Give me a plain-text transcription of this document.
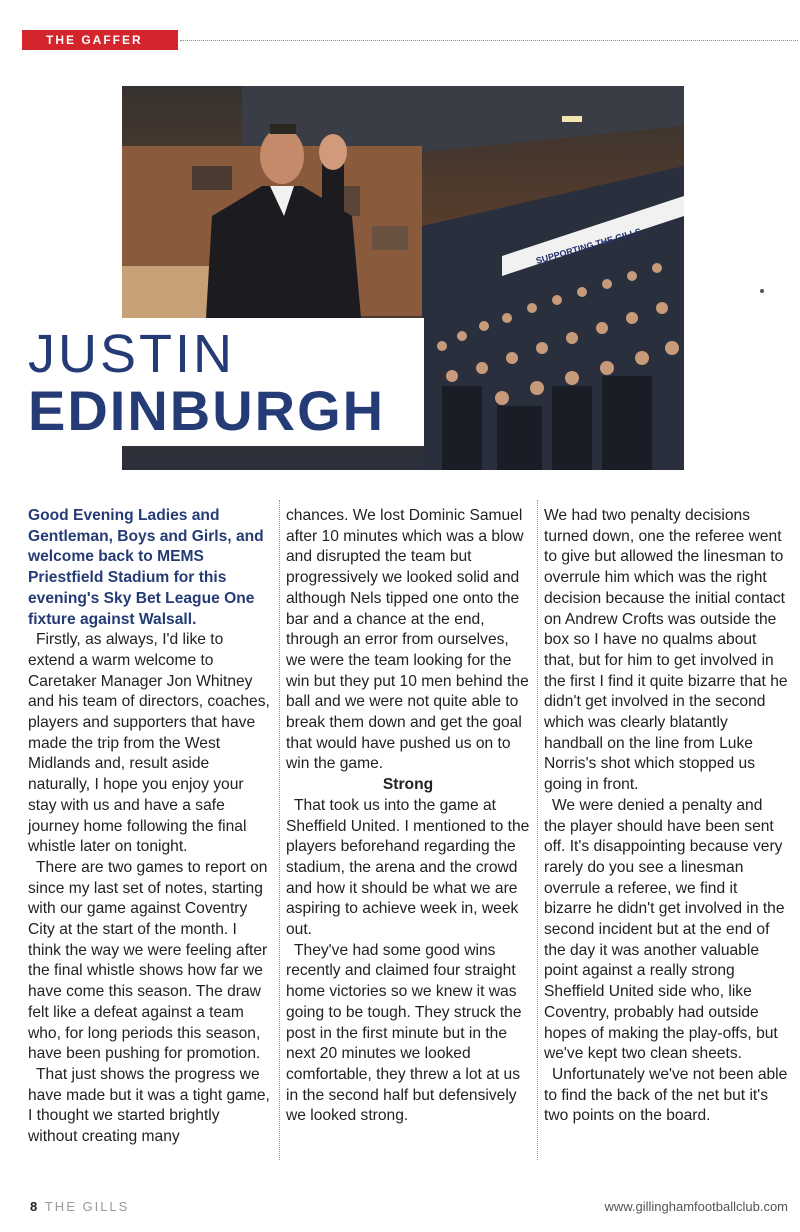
THE GAFFER
SUPPORTING THE GILLS
JUSTIN
EDINBURGH

Good Evening Ladies and Gentleman, Boys and Girls, and welcome back to MEMS Priestfield Stadium for this evening's Sky Bet League One fixture against Walsall.

Firstly, as always, I'd like to extend a warm welcome to Caretaker Manager Jon Whitney and his team of directors, coaches, players and supporters that have made the trip from the West Midlands and, result aside naturally, I hope you enjoy your stay with us and have a safe journey home following the final whistle later on tonight.

There are two games to report on since my last set of notes, starting with our game against Coventry City at the start of the month. I think the way we were feeling after the final whistle shows how far we have come this season. The draw felt like a defeat against a team who, for long periods this season, have been pushing for promotion.

That just shows the progress we have made but it was a tight game, I thought we started brightly without creating many

chances. We lost Dominic Samuel after 10 minutes which was a blow and disrupted the team but progressively we looked solid and although Nels tipped one onto the bar and a chance at the end, through an error from ourselves, we were the team looking for the win but they put 10 men behind the ball and we were not quite able to break them down and get the goal that would have pushed us on to win the game.

Strong

That took us into the game at Sheffield United. I mentioned to the players beforehand regarding the stadium, the arena and the crowd and how it should be what we are aspiring to achieve week in, week out.

They've had some good wins recently and claimed four straight home victories so we knew it was going to be tough. They struck the post in the first minute but in the next 20 minutes we looked comfortable, they threw a lot at us in the second half but defensively we looked strong.

We had two penalty decisions turned down, one the referee went to give but allowed the linesman to overrule him which was the right decision because the initial contact on Andrew Crofts was outside the box so I have no qualms about that, but for him to get involved in the first I find it quite bizarre that he didn't get involved in the second which was clearly blatantly handball on the line from Luke Norris's shot which stopped us going in front.

We were denied a penalty and the player should have been sent off. It's disappointing because very rarely do you see a linesman overrule a referee, we find it bizarre he didn't get involved in the second incident but at the end of the day it was another valuable point against a really strong Sheffield United side who, like Coventry, probably had outside hopes of making the play-offs, but we've kept two clean sheets.

Unfortunately we've not been able to find the back of the net but it's two points on the board.

8 THE GILLS	www.gillinghamfootballclub.com
